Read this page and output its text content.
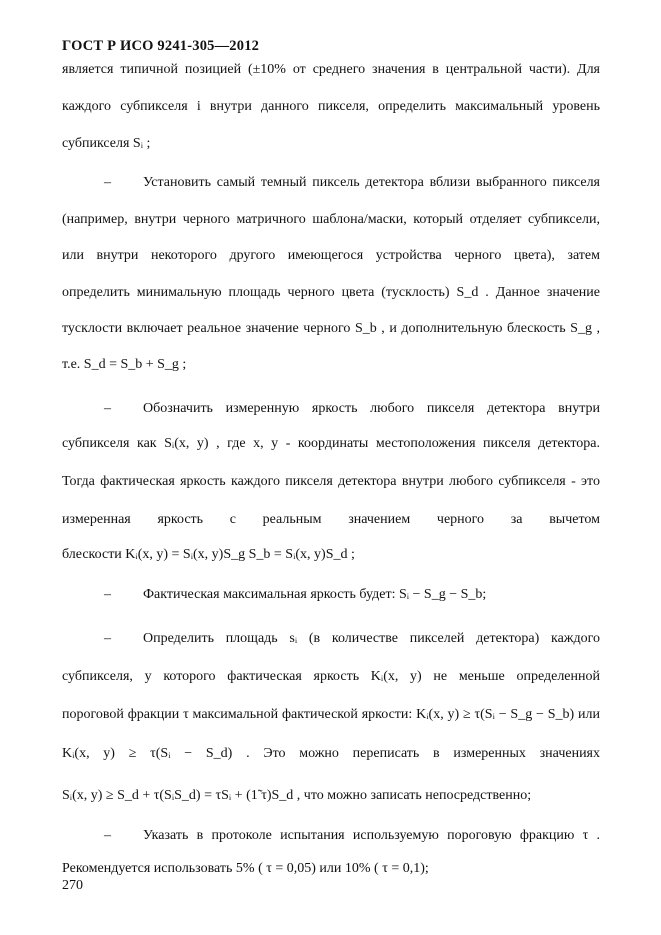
ГОСТ Р ИСО 9241-305—2012
является типичной позицией (±10% от среднего значения в центральной части). Для
каждого субпикселя i внутри данного пикселя, определить максимальный уровень
субпикселя Sᵢ ;
– Установить самый темный пиксель детектора вблизи выбранного пикселя
(например, внутри черного матричного шаблона/маски, который отделяет субпиксели,
или внутри некоторого другого имеющегося устройства черного цвета), затем
определить минимальную площадь черного цвета (тусклость) S_d . Данное значение
тусклости включает реальное значение черного S_b , и дополнительную блескость S_g ,
т.е. S_d = S_b + S_g ;
– Обозначить измеренную яркость любого пикселя детектора внутри
субпикселя как Sᵢ(x, y) , где x, y ‑ координаты местоположения пикселя детектора.
Тогда фактическая яркость каждого пикселя детектора внутри любого субпикселя ‑ это
измеренная яркость с реальным значением черного за вычетом
блескости Kᵢ(x, y) = Sᵢ(x, y)S_g S_b = Sᵢ(x, y)S_d ;
– Фактическая максимальная яркость будет: Sᵢ − S_g − S_b;
– Определить площадь sᵢ (в количестве пикселей детектора) каждого
субпикселя, у которого фактическая яркость Kᵢ(x, y) не меньше определенной
пороговой фракции τ максимальной фактической яркости: Kᵢ(x, y) ≥ τ(Sᵢ − S_g − S_b) или
Kᵢ(x, y) ≥ τ(Sᵢ − S_d) . Это можно переписать в измеренных значениях
Sᵢ(x, y) ≥ S_d + τ(SᵢS_d) = τSᵢ + (1̃ τ)S_d , что можно записать непосредственно;
– Указать в протоколе испытания используемую пороговую фракцию τ .
Рекомендуется использовать 5% ( τ = 0,05) или 10% ( τ = 0,1);
270
